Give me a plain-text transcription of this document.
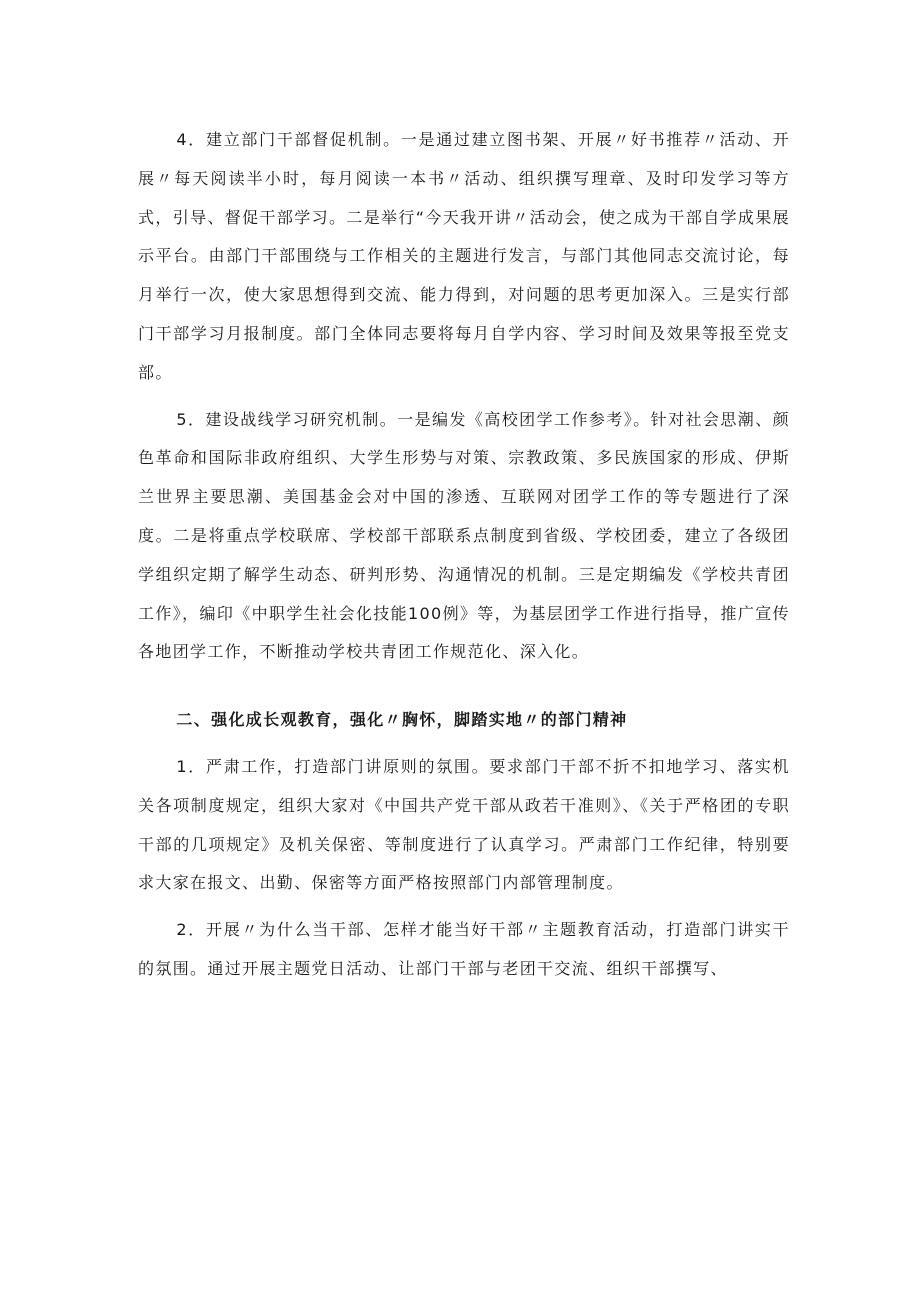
4．建立部门干部督促机制。一是通过建立图书架、开展〃好书推荐〃活动、开展〃每天阅读半小时，每月阅读一本书〃活动、组织撰写理章、及时印发学习等方式，引导、督促干部学习。二是举行“今天我开讲〃活动会，使之成为干部自学成果展示平台。由部门干部围绕与工作相关的主题进行发言，与部门其他同志交流讨论，每月举行一次，使大家思想得到交流、能力得到，对问题的思考更加深入。三是实行部门干部学习月报制度。部门全体同志要将每月自学内容、学习时间及效果等报至党支部。

5．建设战线学习研究机制。一是编发《高校团学工作参考》。针对社会思潮、颜色革命和国际非政府组织、大学生形势与对策、宗教政策、多民族国家的形成、伊斯兰世界主要思潮、美国基金会对中国的渗透、互联网对团学工作的等专题进行了深度。二是将重点学校联席、学校部干部联系点制度到省级、学校团委，建立了各级团学组织定期了解学生动态、研判形势、沟通情况的机制。三是定期编发《学校共青团工作》，编印《中职学生社会化技能100例》等，为基层团学工作进行指导，推广宣传各地团学工作，不断推动学校共青团工作规范化、深入化。

二、强化成长观教育，强化〃胸怀，脚踏实地〃的部门精神

1．严肃工作，打造部门讲原则的氛围。要求部门干部不折不扣地学习、落实机关各项制度规定，组织大家对《中国共产党干部从政若干准则》、《关于严格团的专职干部的几项规定》及机关保密、等制度进行了认真学习。严肃部门工作纪律，特别要求大家在报文、出勤、保密等方面严格按照部门内部管理制度。

2．开展〃为什么当干部、怎样才能当好干部〃主题教育活动，打造部门讲实干的氛围。通过开展主题党日活动、让部门干部与老团干交流、组织干部撰写、
